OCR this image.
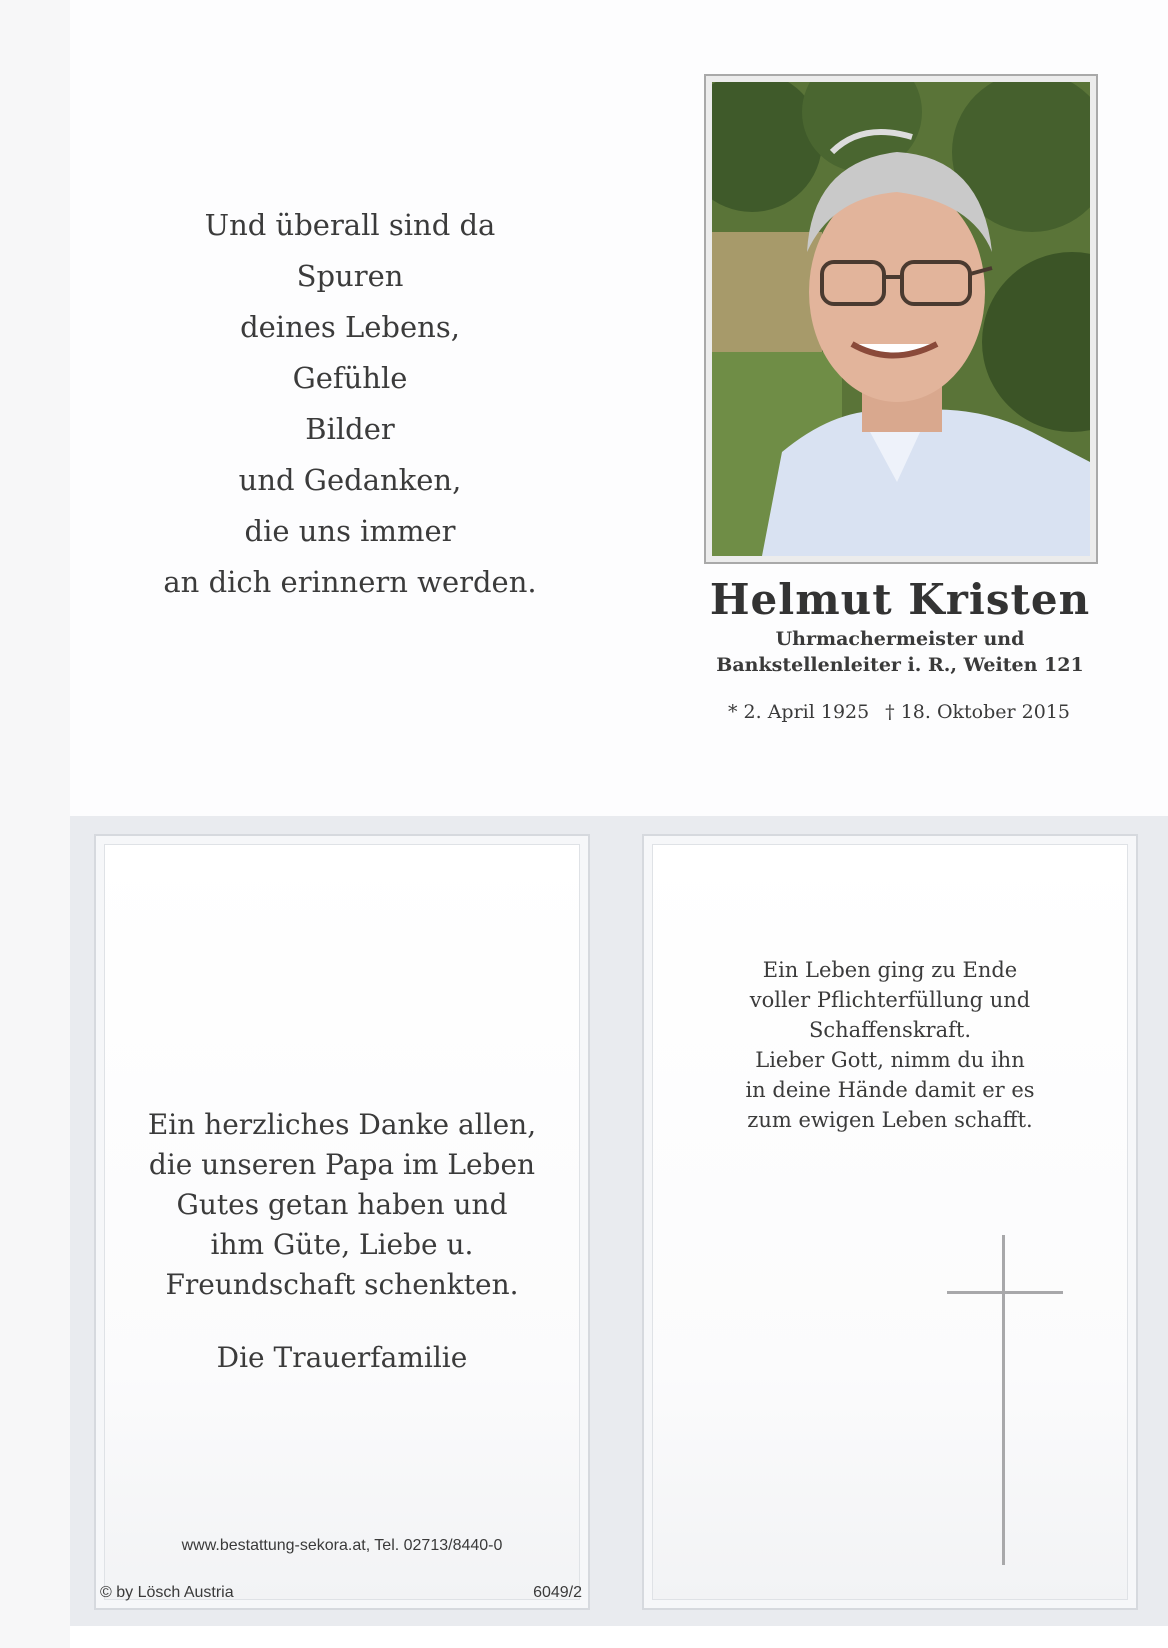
Und überall sind da
Spuren
deines Lebens,
Gefühle
Bilder
und Gedanken,
die uns immer
an dich erinnern werden.	Helmut Kristen
Uhrmachermeister und
Bankstellenleiter i. R., Weiten 121
* 2. April 1925 † 18. Oktober 2015
Ein herzliches Danke allen,
die unseren Papa im Leben
Gutes getan haben und
ihm Güte, Liebe u.
Freundschaft schenkten.
Die Trauerfamilie
www.bestattung-sekora.at, Tel. 02713/8440-0
© by Lösch Austria	6049/2
Ein Leben ging zu Ende
voller Pflichterfüllung und
Schaffenskraft.
Lieber Gott, nimm du ihn
in deine Hände damit er es
zum ewigen Leben schafft.
